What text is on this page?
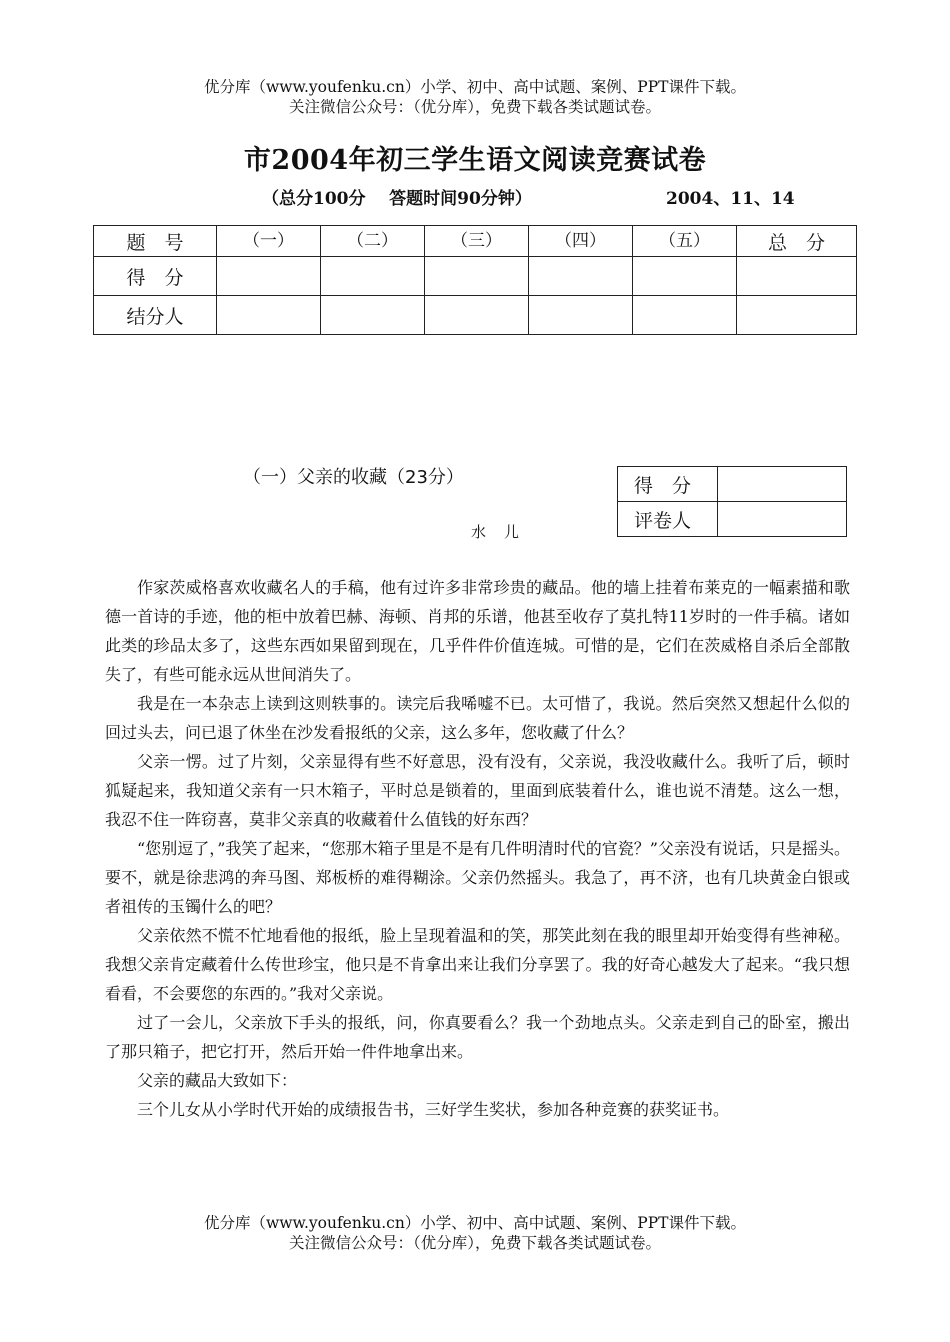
优分库（www.youfenku.cn）小学、初中、高中试题、案例、PPT课件下载。
关注微信公众号：（优分库），免费下载各类试题试卷。
市2004年初三学生语文阅读竞赛试卷
（总分100分    答题时间90分钟）	2004、11、14
题　号	（一）	（二）	（三）	（四）	（五）	总　分
得　分						
结分人						
（一）父亲的收藏（23分）
水儿
得　分	
评卷人	

作家茨威格喜欢收藏名人的手稿，他有过许多非常珍贵的藏品。他的墙上挂着布莱克的一幅素描和歌德一首诗的手迹，他的柜中放着巴赫、海顿、肖邦的乐谱，他甚至收存了莫扎特11岁时的一件手稿。诸如此类的珍品太多了，这些东西如果留到现在，几乎件件价值连城。可惜的是，它们在茨威格自杀后全部散失了，有些可能永远从世间消失了。

我是在一本杂志上读到这则轶事的。读完后我唏嘘不已。太可惜了，我说。然后突然又想起什么似的回过头去，问已退了休坐在沙发看报纸的父亲，这么多年，您收藏了什么？

父亲一愣。过了片刻，父亲显得有些不好意思，没有没有，父亲说，我没收藏什么。我听了后，顿时狐疑起来，我知道父亲有一只木箱子，平时总是锁着的，里面到底装着什么，谁也说不清楚。这么一想，我忍不住一阵窃喜，莫非父亲真的收藏着什么值钱的好东西？

“您别逗了，”我笑了起来，“您那木箱子里是不是有几件明清时代的官瓷？”父亲没有说话，只是摇头。要不，就是徐悲鸿的奔马图、郑板桥的难得糊涂。父亲仍然摇头。我急了，再不济，也有几块黄金白银或者祖传的玉镯什么的吧？

父亲依然不慌不忙地看他的报纸，脸上呈现着温和的笑，那笑此刻在我的眼里却开始变得有些神秘。我想父亲肯定藏着什么传世珍宝，他只是不肯拿出来让我们分享罢了。我的好奇心越发大了起来。“我只想看看，不会要您的东西的。”我对父亲说。

过了一会儿，父亲放下手头的报纸，问，你真要看么？我一个劲地点头。父亲走到自己的卧室，搬出了那只箱子，把它打开，然后开始一件件地拿出来。

父亲的藏品大致如下：

三个儿女从小学时代开始的成绩报告书，三好学生奖状，参加各种竞赛的获奖证书。

优分库（www.youfenku.cn）小学、初中、高中试题、案例、PPT课件下载。
关注微信公众号：（优分库），免费下载各类试题试卷。
